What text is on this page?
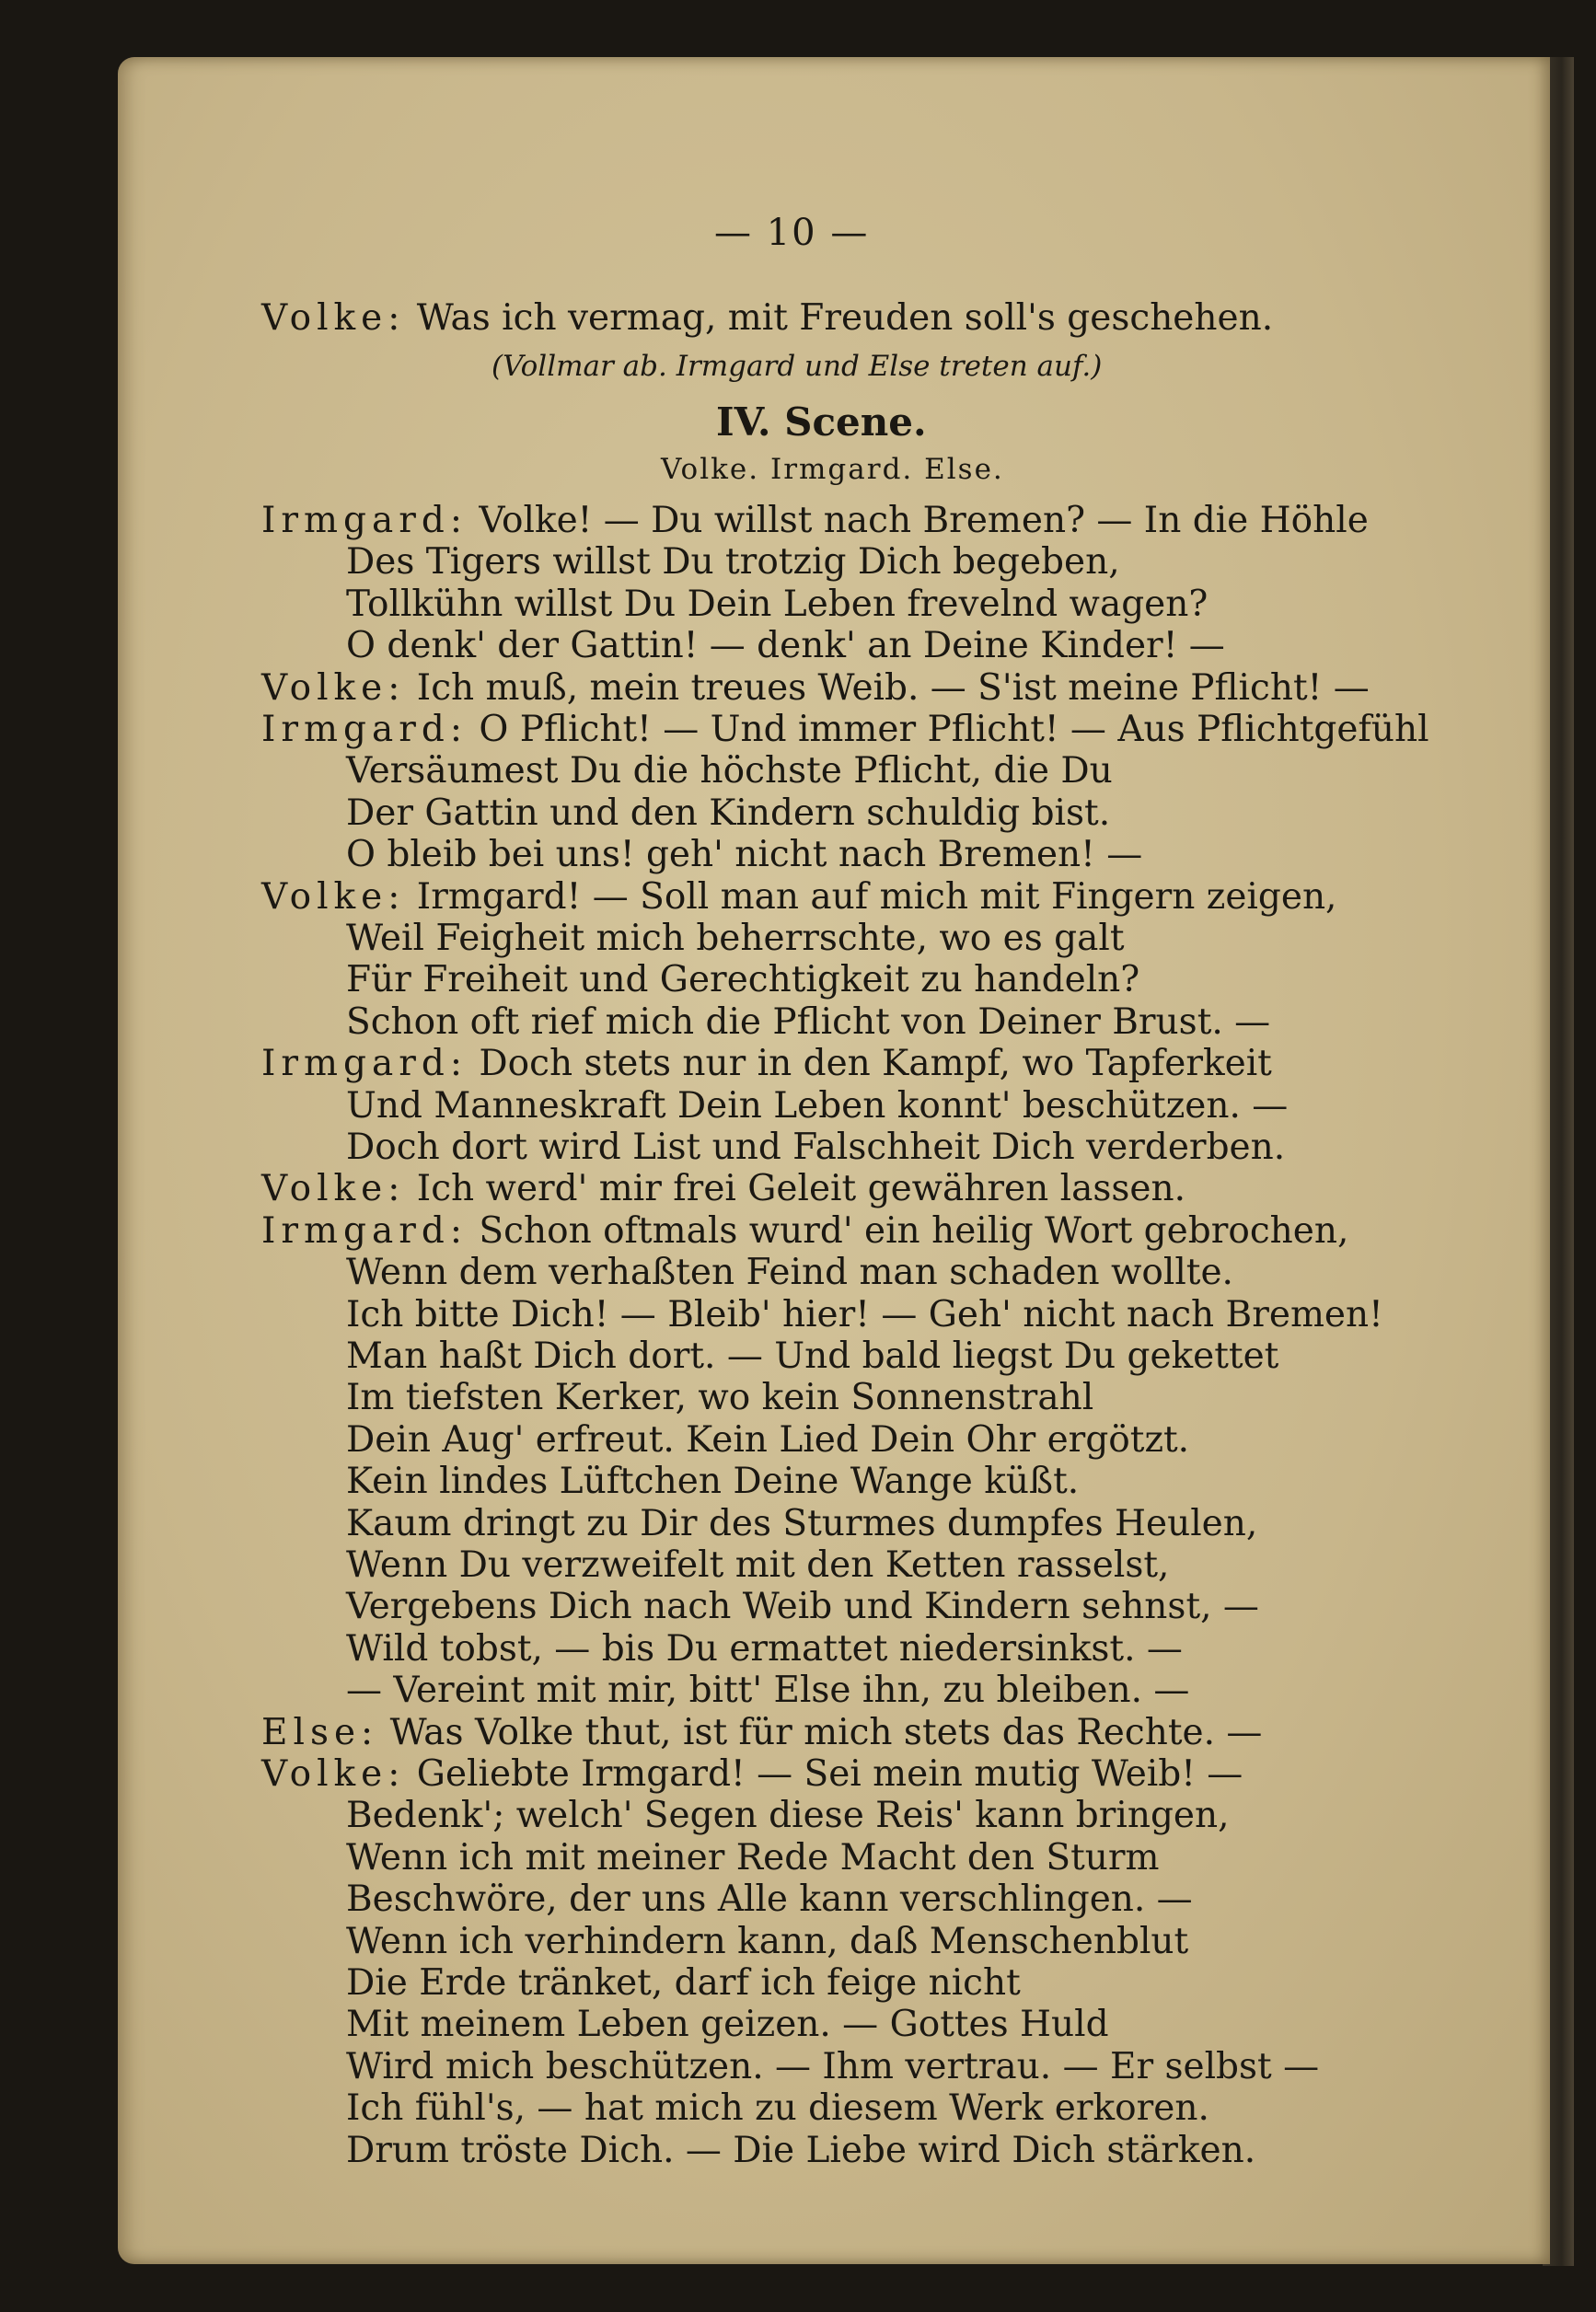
— 10 —
Volke: Was ich vermag, mit Freuden soll's geschehen.
(Vollmar ab. Irmgard und Else treten auf.)
IV. Scene.
Volke. Irmgard. Else.
Irmgard: Volke! — Du willst nach Bremen? — In die Höhle
Des Tigers willst Du trotzig Dich begeben,
Tollkühn willst Du Dein Leben frevelnd wagen?
O denk' der Gattin! — denk' an Deine Kinder! —
Volke: Ich muß, mein treues Weib. — S'ist meine Pflicht! —
Irmgard: O Pflicht! — Und immer Pflicht! — Aus Pflichtgefühl
Versäumest Du die höchste Pflicht, die Du
Der Gattin und den Kindern schuldig bist.
O bleib bei uns! geh' nicht nach Bremen! —
Volke: Irmgard! — Soll man auf mich mit Fingern zeigen,
Weil Feigheit mich beherrschte, wo es galt
Für Freiheit und Gerechtigkeit zu handeln?
Schon oft rief mich die Pflicht von Deiner Brust. —
Irmgard: Doch stets nur in den Kampf, wo Tapferkeit
Und Manneskraft Dein Leben konnt' beschützen. —
Doch dort wird List und Falschheit Dich verderben.
Volke: Ich werd' mir frei Geleit gewähren lassen.
Irmgard: Schon oftmals wurd' ein heilig Wort gebrochen,
Wenn dem verhaßten Feind man schaden wollte.
Ich bitte Dich! — Bleib' hier! — Geh' nicht nach Bremen!
Man haßt Dich dort. — Und bald liegst Du gekettet
Im tiefsten Kerker, wo kein Sonnenstrahl
Dein Aug' erfreut. Kein Lied Dein Ohr ergötzt.
Kein lindes Lüftchen Deine Wange küßt.
Kaum dringt zu Dir des Sturmes dumpfes Heulen,
Wenn Du verzweifelt mit den Ketten rasselst,
Vergebens Dich nach Weib und Kindern sehnst, —
Wild tobst, — bis Du ermattet niedersinkst. —
— Vereint mit mir, bitt' Else ihn, zu bleiben. —
Else: Was Volke thut, ist für mich stets das Rechte. —
Volke: Geliebte Irmgard! — Sei mein mutig Weib! —
Bedenk'; welch' Segen diese Reis' kann bringen,
Wenn ich mit meiner Rede Macht den Sturm
Beschwöre, der uns Alle kann verschlingen. —
Wenn ich verhindern kann, daß Menschenblut
Die Erde tränket, darf ich feige nicht
Mit meinem Leben geizen. — Gottes Huld
Wird mich beschützen. — Ihm vertrau. — Er selbst —
Ich fühl's, — hat mich zu diesem Werk erkoren.
Drum tröste Dich. — Die Liebe wird Dich stärken.
